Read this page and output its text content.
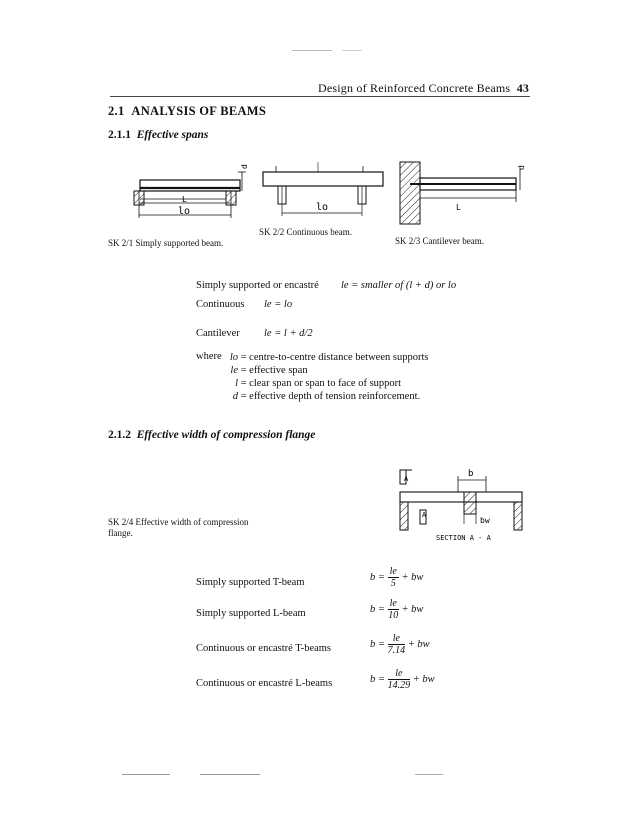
Design of Reinforced Concrete Beams 43
2.1 ANALYSIS OF BEAMS
2.1.1 Effective spans
L
lo
d
SK 2/1 Simply supported beam.
lo
SK 2/2 Continuous beam.
L
d
SK 2/3 Cantilever beam.
Simply supported or encastré le = smaller of (l + d) or lo
Continuous le = lo
Cantilever le = l + d/2
where lo = centre-to-centre distance between supports
le = effective span
l = clear span or span to face of support
d = effective depth of tension reinforcement.
2.1.2 Effective width of compression flange
A	b
A
bw
SECTION A - A
SK 2/4 Effective width of compression flange.
Simply supported T-beam	$b = \frac{le}{5}$ + bw
Simply supported L-beam	$b = \frac{le}{10}$ + bw
Continuous or encastré T-beams	$b = \frac{le}{7.14}$ + bw
Continuous or encastré L-beams	$b = \frac{le}{14.29}$ + bw
